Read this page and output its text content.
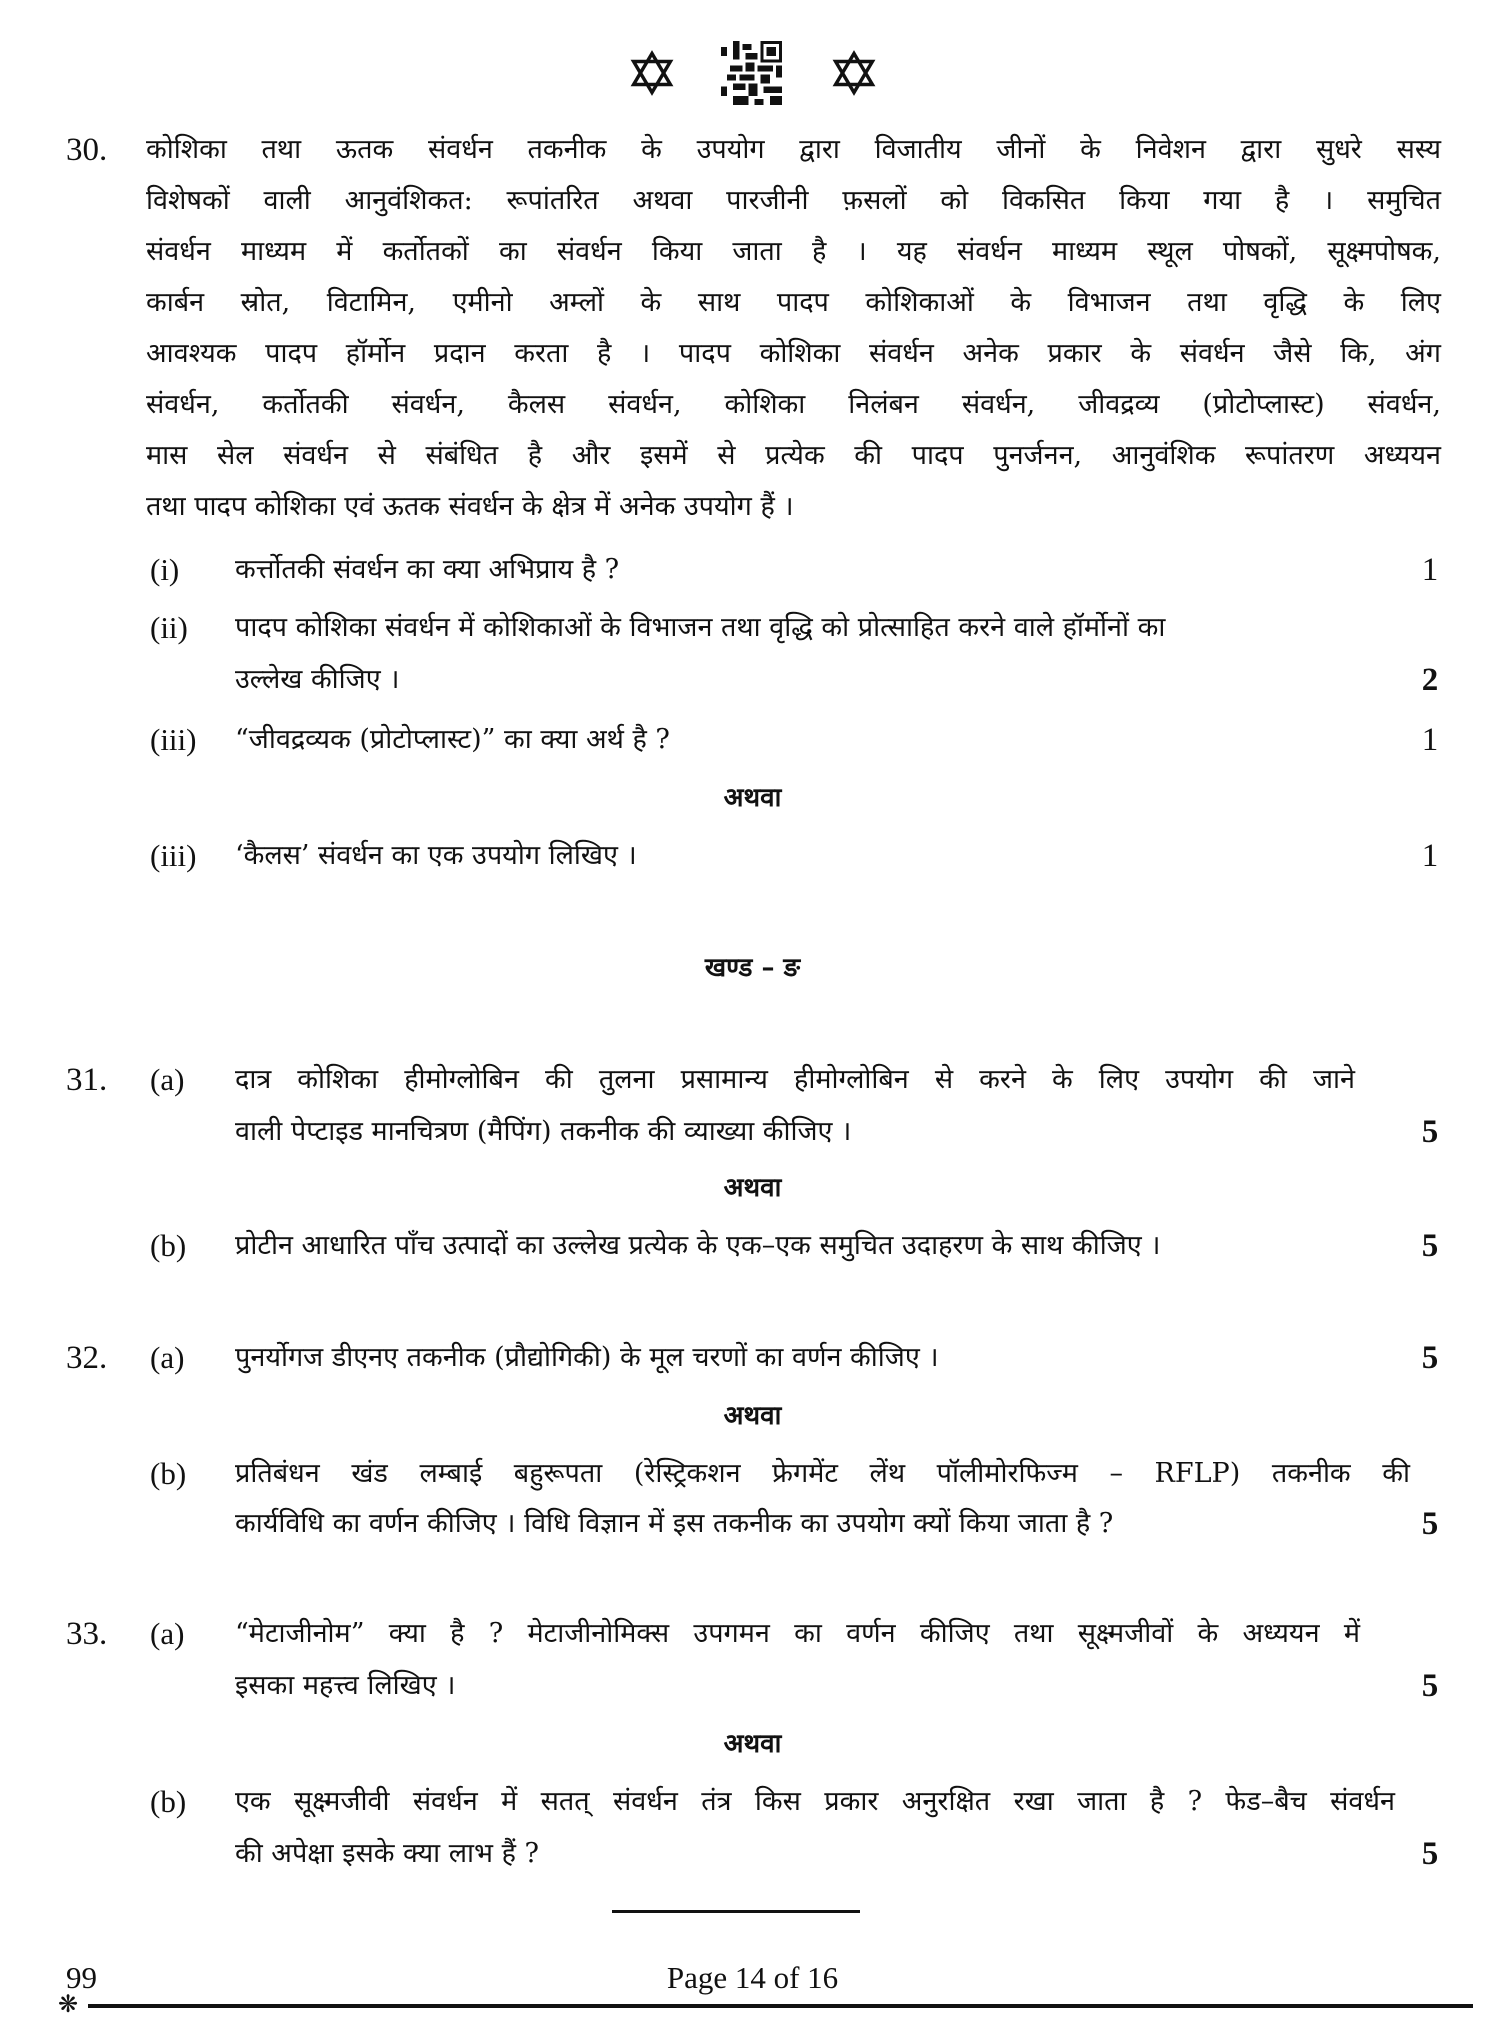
30. कोशिका तथा ऊतक संवर्धन तकनीक के उपयोग द्वारा विजातीय जीनों के निवेशन द्वारा सुधरे सस्य
विशेषकों वाली आनुवंशिकत: रूपांतरित अथवा पारजीनी फ़सलों को विकसित किया गया है । समुचित
संवर्धन माध्यम में कर्तोतकों का संवर्धन किया जाता है । यह संवर्धन माध्यम स्थूल पोषकों, सूक्ष्मपोषक,
कार्बन स्रोत, विटामिन, एमीनो अम्लों के साथ पादप कोशिकाओं के विभाजन तथा वृद्धि के लिए
आवश्यक पादप हॉर्मोन प्रदान करता है । पादप कोशिका संवर्धन अनेक प्रकार के संवर्धन जैसे कि, अंग
संवर्धन, कर्तोतकी संवर्धन, कैलस संवर्धन, कोशिका निलंबन संवर्धन, जीवद्रव्य (प्रोटोप्लास्ट) संवर्धन,
मास सेल संवर्धन से संबंधित है और इसमें से प्रत्येक की पादप पुनर्जनन, आनुवंशिक रूपांतरण अध्ययन
तथा पादप कोशिका एवं ऊतक संवर्धन के क्षेत्र में अनेक उपयोग हैं ।
(i) कर्त्तोतकी संवर्धन का क्या अभिप्राय है ?	1
(ii) पादप कोशिका संवर्धन में कोशिकाओं के विभाजन तथा वृद्धि को प्रोत्साहित करने वाले हॉर्मोनों का
उल्लेख कीजिए ।	2
(iii) “जीवद्रव्यक (प्रोटोप्लास्ट)” का क्या अर्थ है ?	1
अथवा
(iii) ‘कैलस’ संवर्धन का एक उपयोग लिखिए ।	1
खण्ड – ङ
31. (a) दात्र कोशिका हीमोग्लोबिन की तुलना प्रसामान्य हीमोग्लोबिन से करने के लिए उपयोग की जाने
वाली पेप्टाइड मानचित्रण (मैपिंग) तकनीक की व्याख्या कीजिए ।	5
अथवा
(b) प्रोटीन आधारित पाँच उत्पादों का उल्लेख प्रत्येक के एक–एक समुचित उदाहरण के साथ कीजिए ।	5
32. (a) पुनर्योगज डीएनए तकनीक (प्रौद्योगिकी) के मूल चरणों का वर्णन कीजिए ।	5
अथवा
(b) प्रतिबंधन खंड लम्बाई बहुरूपता (रेस्ट्रिकशन फ्रेगमेंट लेंथ पॉलीमोरफिज्म – RFLP) तकनीक की
कार्यविधि का वर्णन कीजिए । विधि विज्ञान में इस तकनीक का उपयोग क्यों किया जाता है ?	5
33. (a) “मेटाजीनोम” क्या है ? मेटाजीनोमिक्स उपगमन का वर्णन कीजिए तथा सूक्ष्मजीवों के अध्ययन में
इसका महत्त्व लिखिए ।	5
अथवा
(b) एक सूक्ष्मजीवी संवर्धन में सतत् संवर्धन तंत्र किस प्रकार अनुरक्षित रखा जाता है ? फेड–बैच संवर्धन
की अपेक्षा इसके क्या लाभ हैं ?	5
99	Page 14 of 16
❋
